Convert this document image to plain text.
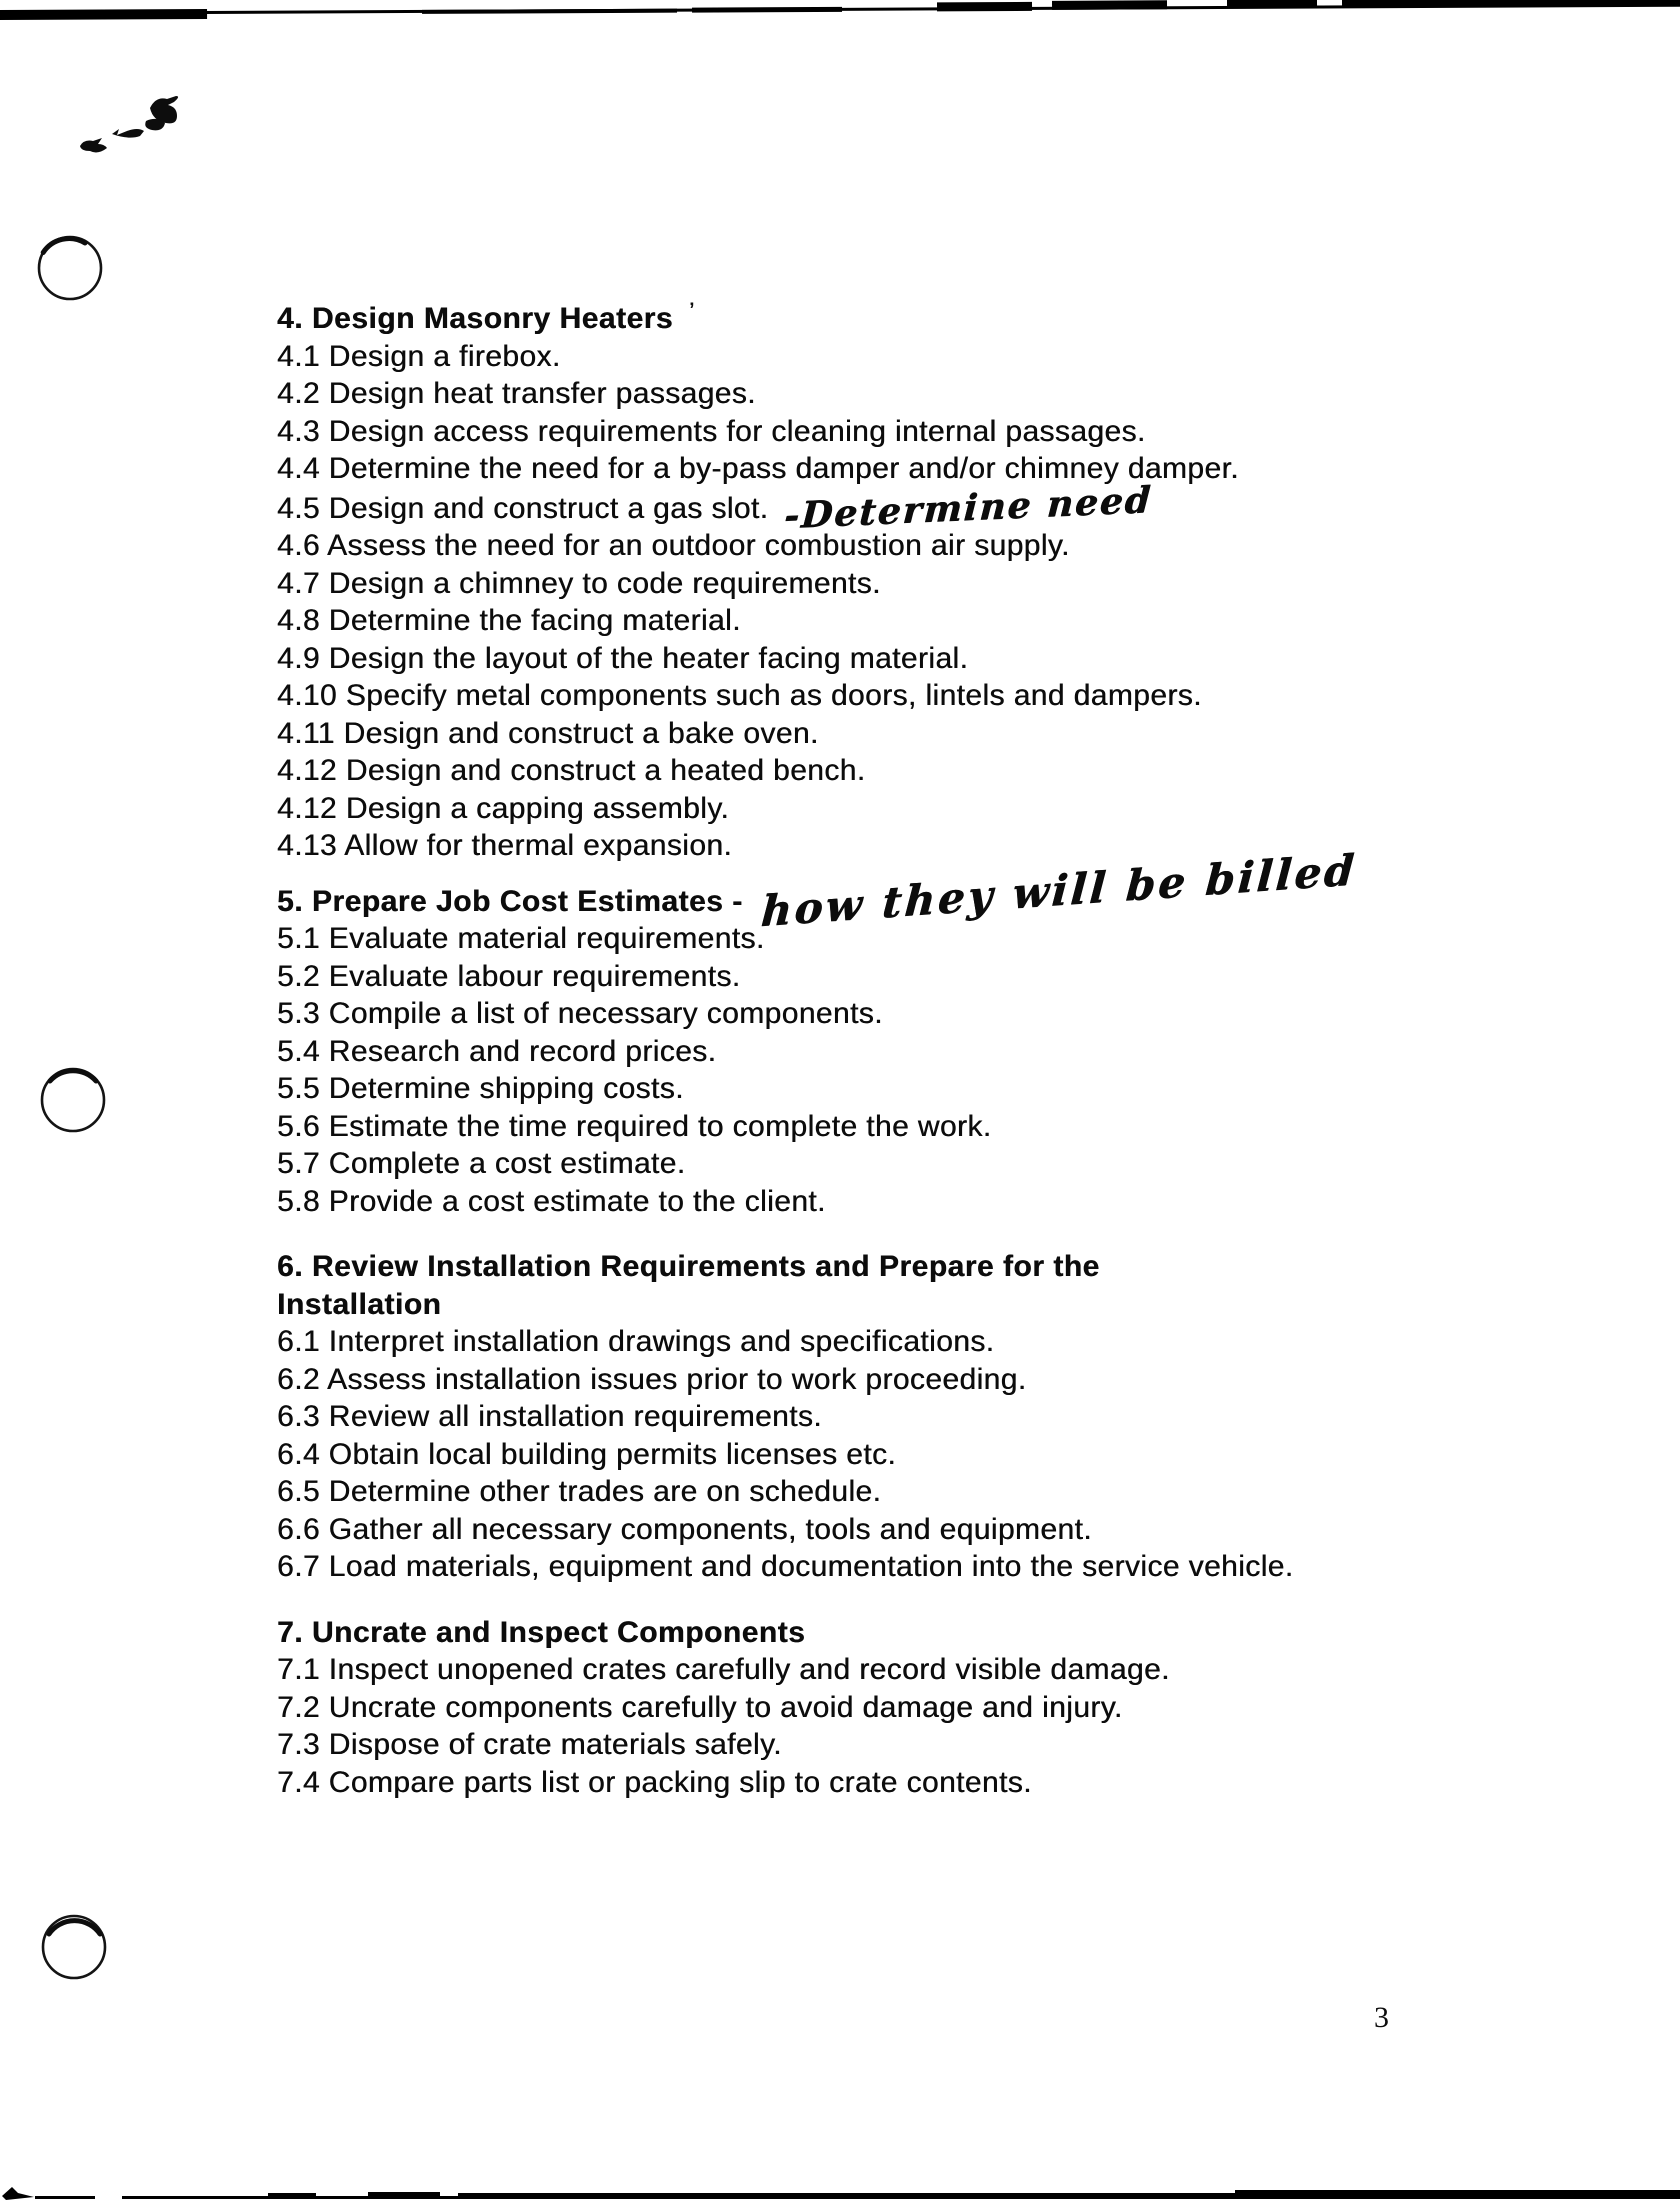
4. Design Masonry Heaters ’
4.1 Design a firebox.
4.2 Design heat transfer passages.
4.3 Design access requirements for cleaning internal passages.
4.4 Determine the need for a by-pass damper and/or chimney damper.
4.5 Design and construct a gas slot. -Determine need
4.6 Assess the need for an outdoor combustion air supply.
4.7 Design a chimney to code requirements.
4.8 Determine the facing material.
4.9 Design the layout of the heater facing material.
4.10 Specify metal components such as doors, lintels and dampers.
4.11 Design and construct a bake oven.
4.12 Design and construct a heated bench.
4.12 Design a capping assembly.
4.13 Allow for thermal expansion.
5. Prepare Job Cost Estimates - how they will be billed
5.1 Evaluate material requirements.
5.2 Evaluate labour requirements.
5.3 Compile a list of necessary components.
5.4 Research and record prices.
5.5 Determine shipping costs.
5.6 Estimate the time required to complete the work.
5.7 Complete a cost estimate.
5.8 Provide a cost estimate to the client.
6. Review Installation Requirements and Prepare for the
Installation
6.1 Interpret installation drawings and specifications.
6.2 Assess installation issues prior to work proceeding.
6.3 Review all installation requirements.
6.4 Obtain local building permits licenses etc.
6.5 Determine other trades are on schedule.
6.6 Gather all necessary components, tools and equipment.
6.7 Load materials, equipment and documentation into the service vehicle.
7. Uncrate and Inspect Components
7.1 Inspect unopened crates carefully and record visible damage.
7.2 Uncrate components carefully to avoid damage and injury.
7.3 Dispose of crate materials safely.
7.4 Compare parts list or packing slip to crate contents.
3
